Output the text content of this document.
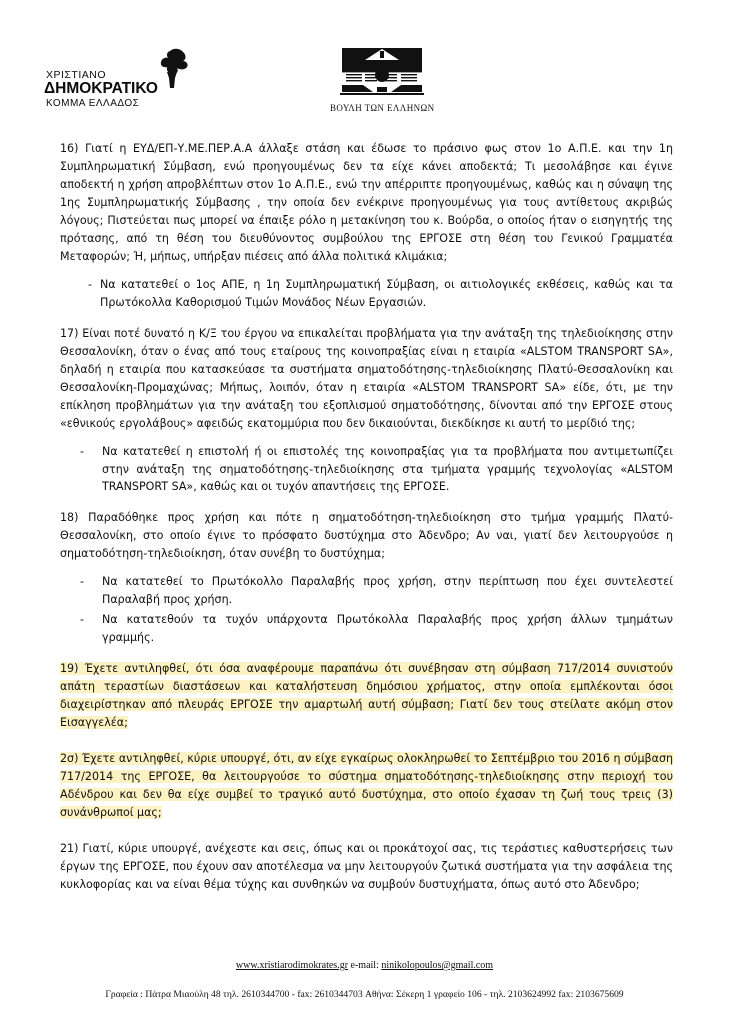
ΧΡΙΣΤΙΑΝΟ
ΔΗΜΟΚΡΑΤΙΚΟ
ΚΟΜΜΑ ΕΛΛΑΔΟΣ	ΒΟΥΛΗ ΤΩΝ ΕΛΛΗΝΩΝ

16) Γιατί η ΕΥΔ/ΕΠ-Υ.ΜΕ.ΠΕΡ.Α.Α άλλαξε στάση και έδωσε το πράσινο φως στον 1ο Α.Π.Ε. και την 1η Συμπληρωματική Σύμβαση, ενώ προηγουμένως δεν τα είχε κάνει αποδεκτά; Τι μεσολάβησε και έγινε αποδεκτή η χρήση απροβλέπτων στον 1ο Α.Π.Ε., ενώ την απέρριπτε προηγουμένως, καθώς και η σύναψη της 1ης Συμπληρωματικής Σύμβασης , την οποία δεν ενέκρινε προηγουμένως για τους αντίθετους ακριβώς λόγους; Πιστεύεται πως μπορεί να έπαιξε ρόλο η μετακίνηση του κ. Βούρδα, ο οποίος ήταν ο εισηγητής της πρότασης, από τη θέση του διευθύνοντος συμβούλου της ΕΡΓΟΣΕ στη θέση του Γενικού Γραμματέα Μεταφορών; Ή, μήπως, υπήρξαν πιέσεις από άλλα πολιτικά κλιμάκια;

- Να κατατεθεί ο 1ος ΑΠΕ, η 1η Συμπληρωματική Σύμβαση, οι αιτιολογικές εκθέσεις, καθώς και τα Πρωτόκολλα Καθορισμού Τιμών Μονάδος Νέων Εργασιών.

17) Είναι ποτέ δυνατό η Κ/Ξ του έργου να επικαλείται προβλήματα για την ανάταξη της τηλεδιοίκησης στην Θεσσαλονίκη, όταν ο ένας από τους εταίρους της κοινοπραξίας είναι η εταιρία «ALSTOM TRANSPORT SA», δηλαδή η εταιρία που κατασκεύασε τα συστήματα σηματοδότησης-τηλεδιοίκησης Πλατύ-Θεσσαλονίκη και Θεσσαλονίκη-Προμαχώνας; Μήπως, λοιπόν, όταν η εταιρία «ALSTOM TRANSPORT SA» είδε, ότι, με την επίκληση προβλημάτων για την ανάταξη του εξοπλισμού σηματοδότησης, δίνονται από την ΕΡΓΟΣΕ στους «εθνικούς εργολάβους» αφειδώς εκατομμύρια που δεν δικαιούνται, διεκδίκησε κι αυτή το μερίδιό της;

- Να κατατεθεί η επιστολή ή οι επιστολές της κοινοπραξίας για τα προβλήματα που αντιμετωπίζει στην ανάταξη της σηματοδότησης-τηλεδιοίκησης στα τμήματα γραμμής τεχνολογίας «ALSTOM TRANSPORT SA», καθώς και οι τυχόν απαντήσεις της ΕΡΓΟΣΕ.

18) Παραδόθηκε προς χρήση και πότε η σηματοδότηση-τηλεδιοίκηση στο τμήμα γραμμής Πλατύ-Θεσσαλονίκη, στο οποίο έγινε το πρόσφατο δυστύχημα στο Άδενδρο; Αν ναι, γιατί δεν λειτουργούσε η σηματοδότηση-τηλεδιοίκηση, όταν συνέβη το δυστύχημα;

- Να κατατεθεί το Πρωτόκολλο Παραλαβής προς χρήση, στην περίπτωση που έχει συντελεστεί Παραλαβή προς χρήση.
- Να κατατεθούν τα τυχόν υπάρχοντα Πρωτόκολλα Παραλαβής προς χρήση άλλων τμημάτων γραμμής.

19) Έχετε αντιληφθεί, ότι όσα αναφέρουμε παραπάνω ότι συνέβησαν στη σύμβαση 717/2014 συνιστούν απάτη τεραστίων διαστάσεων και καταλήστευση δημόσιου χρήματος, στην οποία εμπλέκονται όσοι διαχειρίστηκαν από πλευράς ΕΡΓΟΣΕ την αμαρτωλή αυτή σύμβαση; Γιατί δεν τους στείλατε ακόμη στον Εισαγγελέα;

2σ) Έχετε αντιληφθεί, κύριε υπουργέ, ότι, αν είχε εγκαίρως ολοκληρωθεί το Σεπτέμβριο του 2016 η σύμβαση 717/2014 της ΕΡΓΟΣΕ, θα λειτουργούσε το σύστημα σηματοδότησης-τηλεδιοίκησης στην περιοχή του Αδένδρου και δεν θα είχε συμβεί το τραγικό αυτό δυστύχημα, στο οποίο έχασαν τη ζωή τους τρεις (3) συνάνθρωποί μας;

21) Γιατί, κύριε υπουργέ, ανέχεστε και σεις, όπως και οι προκάτοχοί σας, τις τεράστιες καθυστερήσεις των έργων της ΕΡΓΟΣΕ, που έχουν σαν αποτέλεσμα να μην λειτουργούν ζωτικά συστήματα για την ασφάλεια της κυκλοφορίας και να είναι θέμα τύχης και συνθηκών να συμβούν δυστυχήματα, όπως αυτό στο Άδενδρο;

www.xristiarodimokrates.gr e-mail: ninikolopoulos@gmail.com
Γραφεία : Πάτρα Μιαούλη 48 τηλ. 2610344700 - fax: 2610344703 Αθήνα: Σέκερη 1 γραφείο 106 - τηλ. 2103624992 fax: 2103675609
